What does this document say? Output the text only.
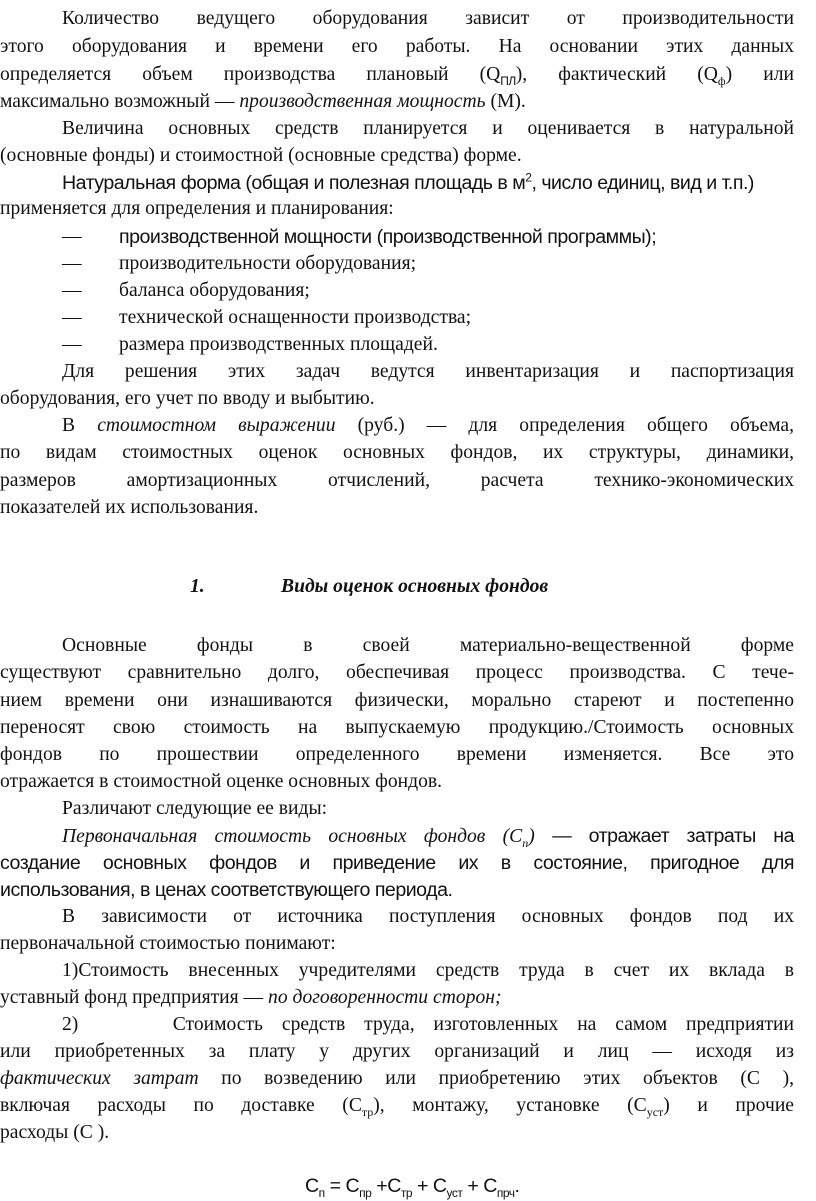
Количество ведущего оборудования зависит от производительности

этого оборудования и времени его работы. На основании этих данных

определяется объем производства плановый $(Q_{ПЛ})$, фактический $(Q_ф)$ или

максимально возможный — производственная мощность (М).

Величина основных средств планируется и оценивается в натуральной

(основные фонды) и стоимостной (основные средства) форме.

Натуральная форма (общая и полезная площадь в $м^2$, число единиц, вид и т.п.)

применяется для определения и планирования:

— производственной мощности (производственной программы);
— производительности оборудования;
— баланса оборудования;
— технической оснащенности производства;
— размера производственных площадей.

Для решения этих задач ведутся инвентаризация и паспортизация

оборудования, его учет по вводу и выбытию.

В стоимостном выражении (руб.) — для определения общего объема,

по видам стоимостных оценок основных фондов, их структуры, динамики,

размеров амортизационных отчислений, расчета технико-экономических

показателей их использования.

1.	Виды оценок основных фондов

Основные фонды в своей материально-вещественной форме

существуют сравнительно долго, обеспечивая процесс производства. С тече-

нием времени они изнашиваются физически, морально стареют и постепенно

переносят свою стоимость на выпускаемую продукцию./Стоимость основных

фондов по прошествии определенного времени изменяется. Все это

отражается в стоимостной оценке основных фондов.

Различают следующие ее виды:

Первоначальная стоимость основных фондов $(С_п)$ — отражает затраты на

создание основных фондов и приведение их в состояние, пригодное для

использования, в ценах соответствующего периода.

В зависимости от источника поступления основных фондов под их

первоначальной стоимостью понимают:

1)Стоимость внесенных учредителями средств труда в счет их вклада в

уставный фонд предприятия — по договоренности сторон;

2)     Стоимость средств труда, изготовленных на самом предприятии

или приобретенных за плату у других организаций и лиц — исходя из

фактических затрат по возведению или приобретению этих объектов (С ),

включая расходы по доставке $(С_{тр})$, монтажу, установке $(С_{уст})$ и прочие

расходы (С ).

$С_п = С_{пр} +С_{тр} + С_{уст} + С_{прч}$.
